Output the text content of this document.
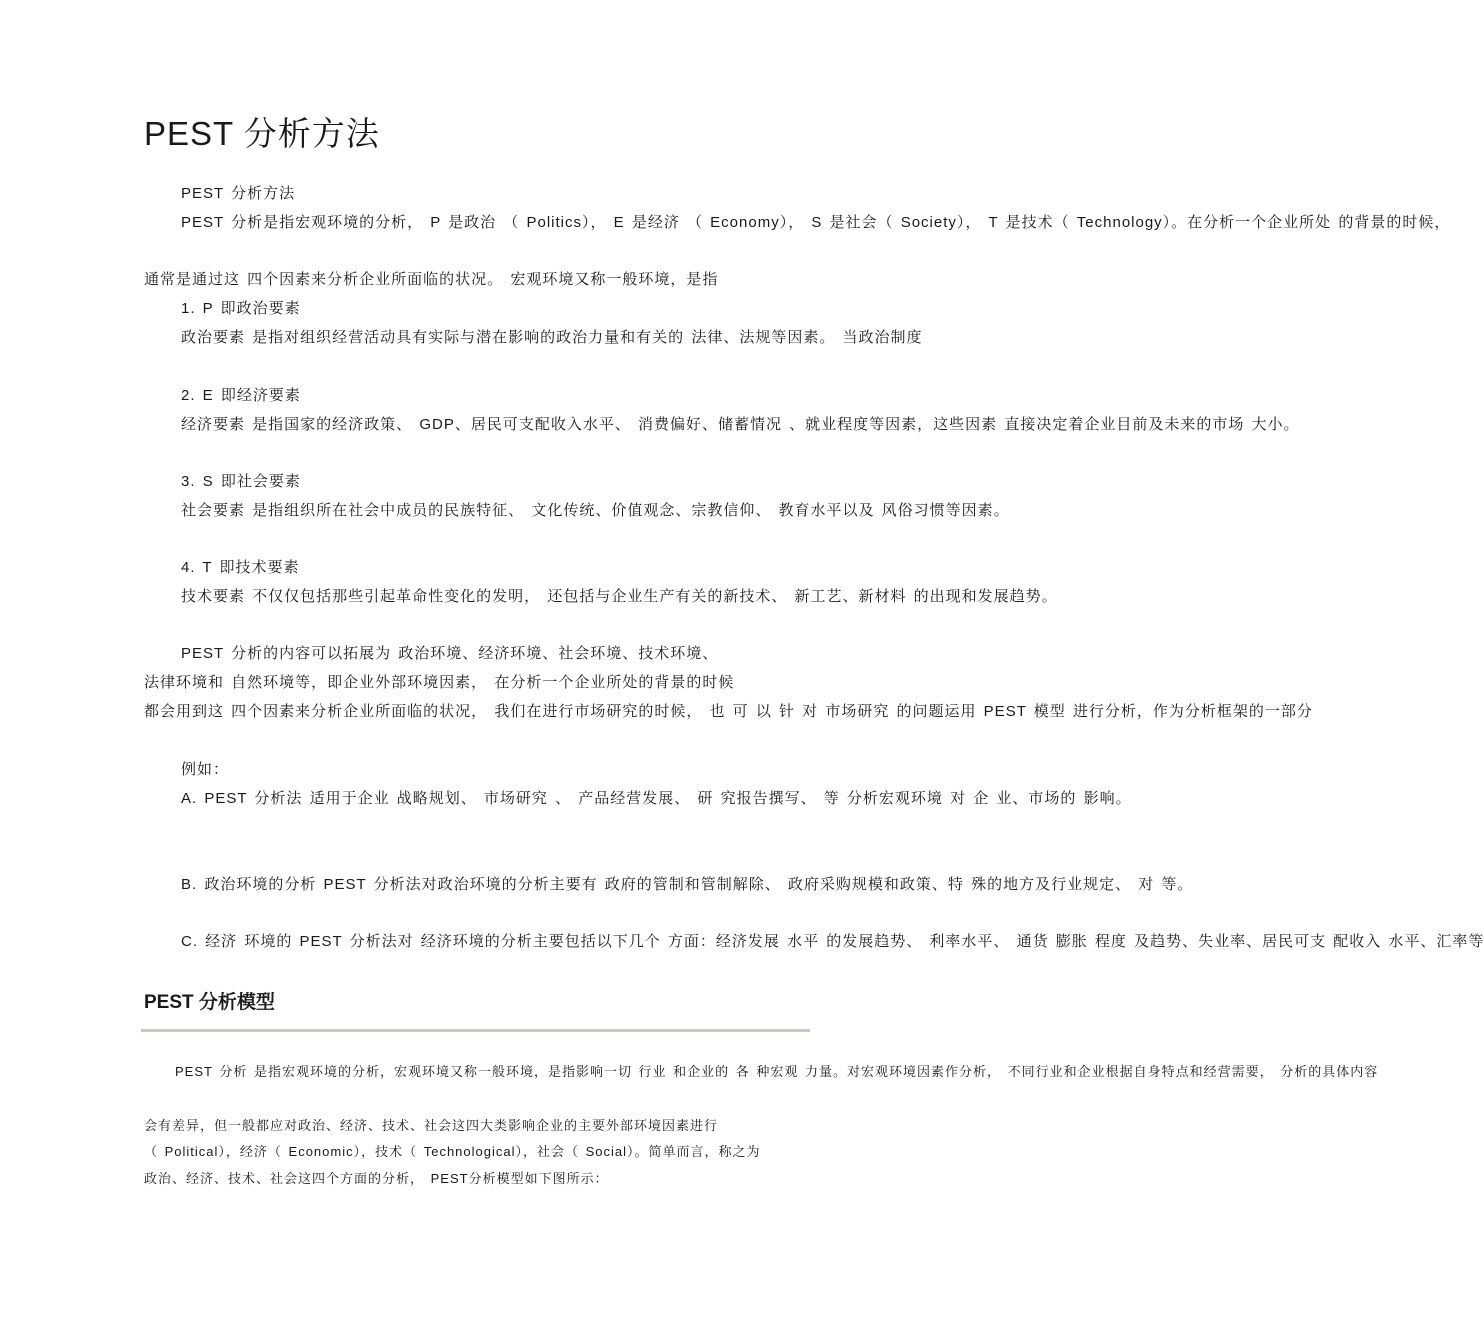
PEST 分析方法
PEST 分析方法
PEST 分析是指宏观环境的分析， P 是政治 （ Politics）， E 是经济 （ Economy）， S 是社会（ Society）， T 是技术（ Technology）。在分析一个企业所处 的背景的时候，
通常是通过这 四个因素来分析企业所面临的状况。 宏观环境又称一般环境，是指
1. P 即政治要素
政治要素 是指对组织经营活动具有实际与潜在影响的政治力量和有关的 法律、法规等因素。 当政治制度
2. E 即经济要素
经济要素 是指国家的经济政策、 GDP、居民可支配收入水平、 消费偏好、储蓄情况 、就业程度等因素，这些因素 直接决定着企业目前及未来的市场 大小。
3. S 即社会要素
社会要素 是指组织所在社会中成员的民族特征、 文化传统、价值观念、宗教信仰、 教育水平以及 风俗习惯等因素。
4. T 即技术要素
技术要素 不仅仅包括那些引起革命性变化的发明， 还包括与企业生产有关的新技术、 新工艺、新材料 的出现和发展趋势。
PEST 分析的内容可以拓展为 政治环境、经济环境、社会环境、技术环境、
法律环境和 自然环境等，即企业外部环境因素， 在分析一个企业所处的背景的时候
都会用到这 四个因素来分析企业所面临的状况， 我们在进行市场研究的时候， 也 可 以 针 对 市场研究 的问题运用 PEST 模型 进行分析，作为分析框架的一部分
例如：
A. PEST 分析法 适用于企业 战略规划、 市场研究 、 产品经营发展、 研 究报告撰写、 等 分析宏观环境 对 企 业、市场的 影响。
B. 政治环境的分析 PEST 分析法对政治环境的分析主要有 政府的管制和管制解除、 政府采购规模和政策、特 殊的地方及行业规定、 对 等。
C. 经济 环境的 PEST 分析法对 经济环境的分析主要包括以下几个 方面：经济发展 水平 的发展趋势、 利率水平、 通货 膨胀 程度 及趋势、失业率、居民可支 配收入 水平、汇率等
PEST 分析模型
PEST 分析 是指宏观环境的分析，宏观环境又称一般环境，是指影响一切 行业 和企业的 各 种宏观 力量。对宏观环境因素作分析， 不同行业和企业根据自身特点和经营需要， 分析的具体内容
会有差异，但一般都应对政治、经济、技术、社会这四大类影响企业的主要外部环境因素进行
（ Political），经济（ Economic），技术（ Technological），社会（ Social）。简单而言，称之为
政治、经济、技术、社会这四个方面的分析， PEST分析模型如下图所示：
